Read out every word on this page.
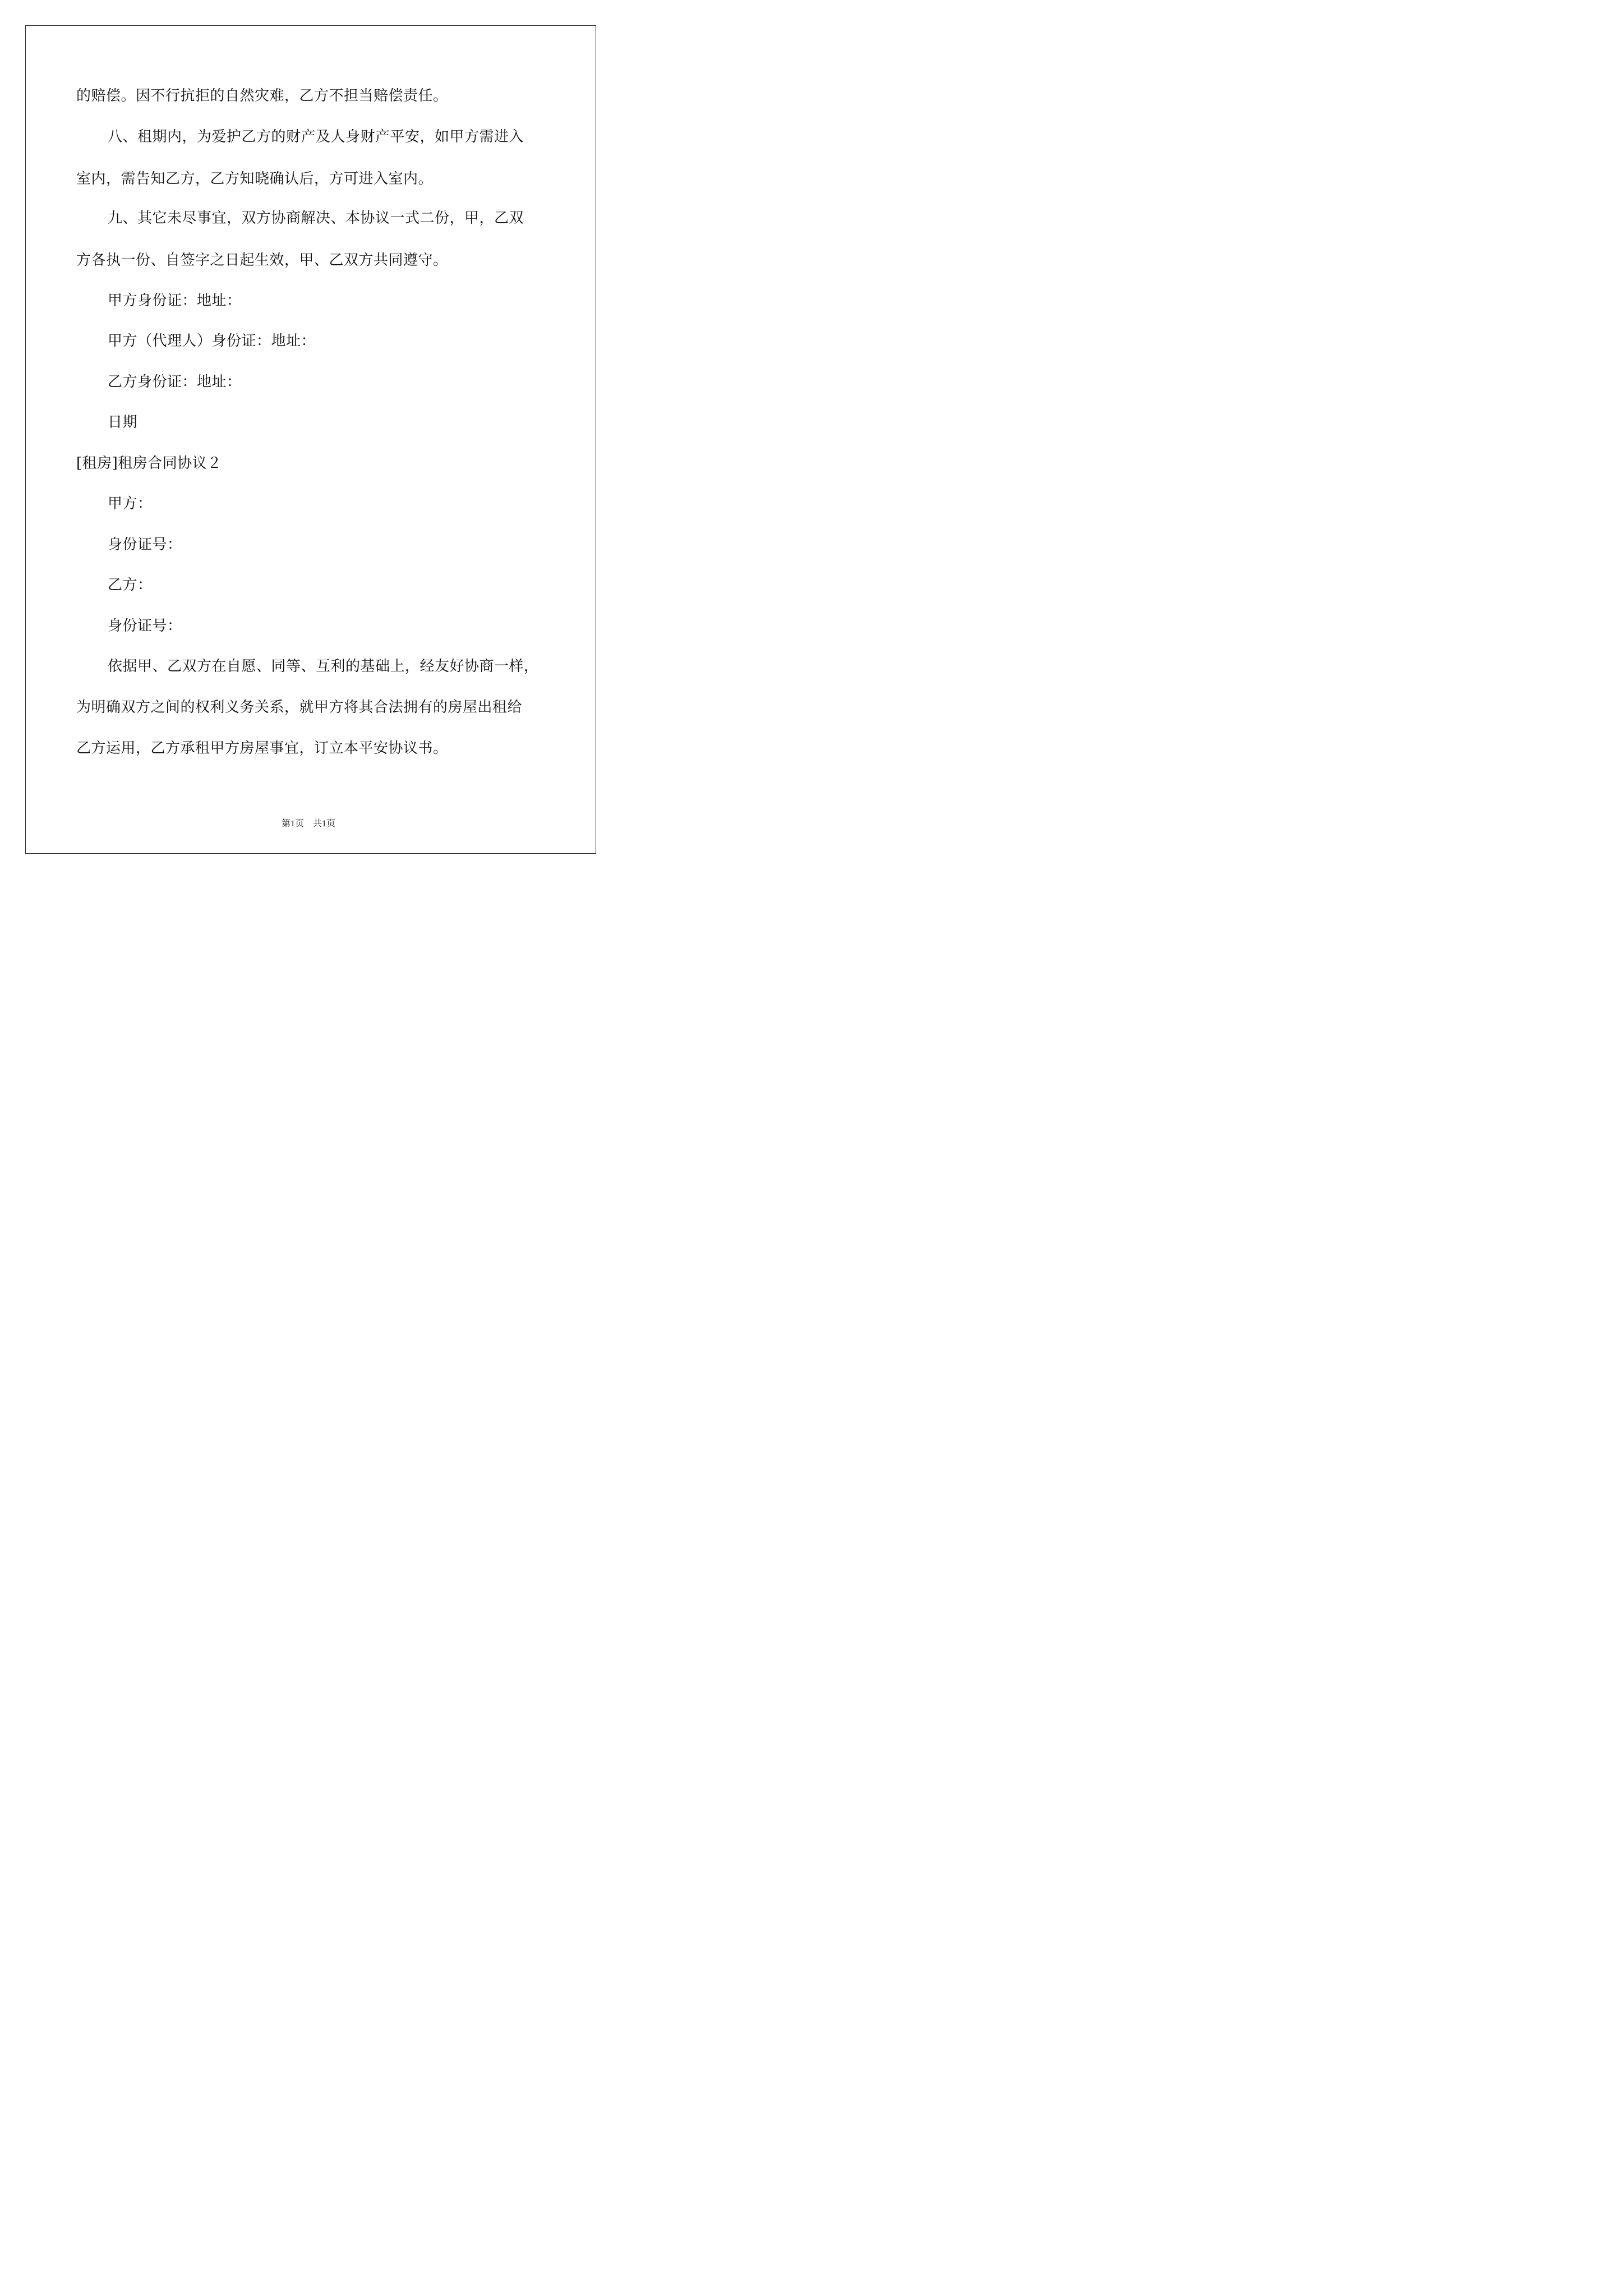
的赔偿。因不行抗拒的自然灾难，乙方不担当赔偿责任。
八、租期内，为爱护乙方的财产及人身财产平安，如甲方需进入
室内，需告知乙方，乙方知晓确认后，方可进入室内。
九、其它未尽事宜，双方协商解决、本协议一式二份，甲，乙双
方各执一份、自签字之日起生效，甲、乙双方共同遵守。
甲方身份证：地址：
甲方（代理人）身份证：地址：
乙方身份证：地址：
日期
[租房]租房合同协议２
甲方：
身份证号：
乙方：
身份证号：
依据甲、乙双方在自愿、同等、互利的基础上，经友好协商一样，
为明确双方之间的权利义务关系，就甲方将其合法拥有的房屋出租给
乙方运用，乙方承租甲方房屋事宜，订立本平安协议书。
第1页　共1页
